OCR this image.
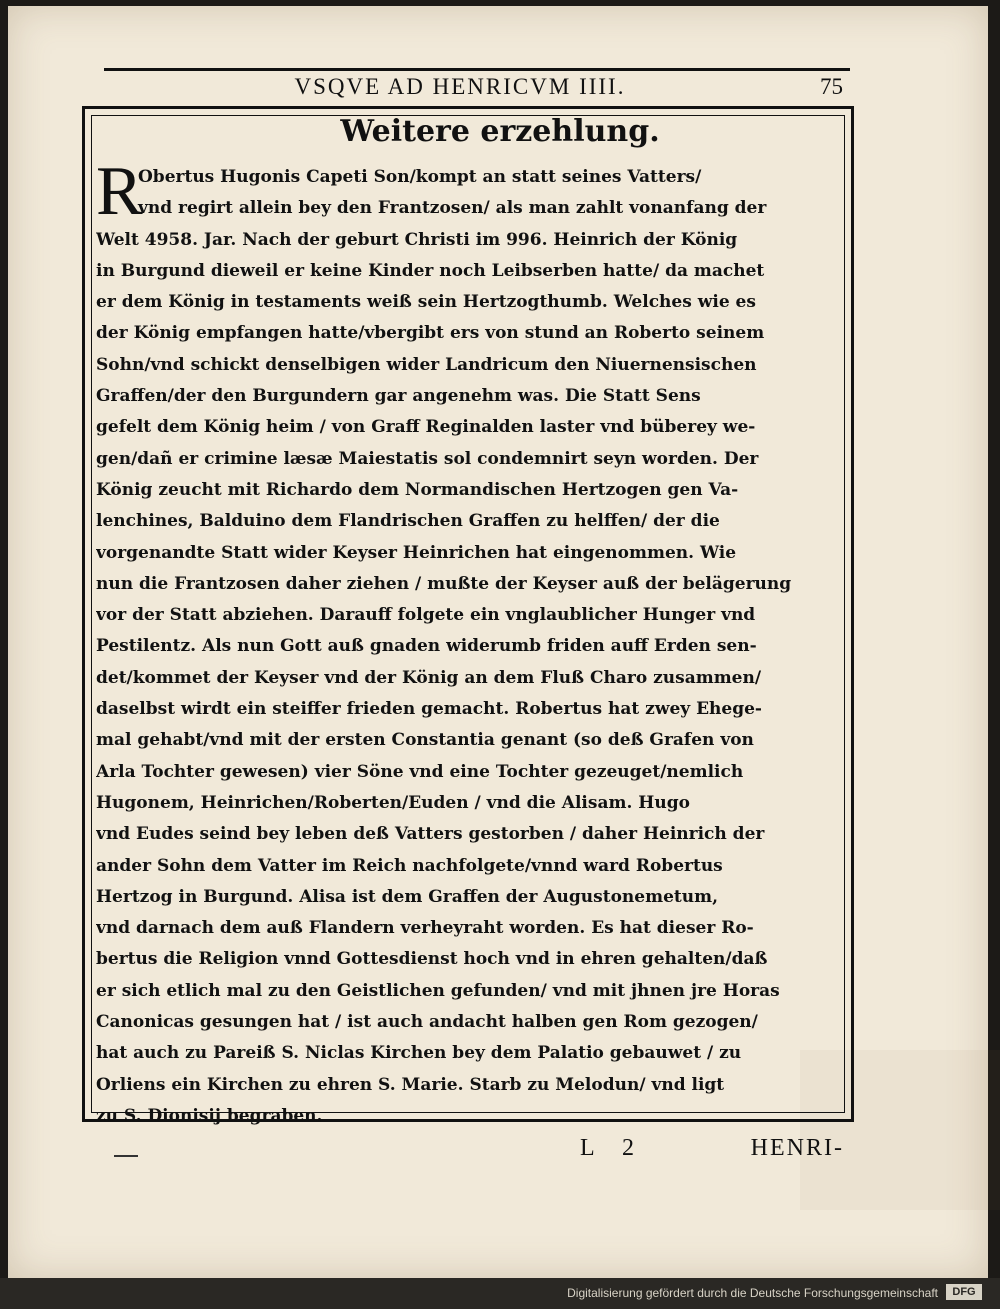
VSQVE AD HENRICVM IIII.	75
Weitere erzehlung.
R
Obertus Hugonis Capeti Son/kompt an statt seines Vatters/
vnd regirt allein bey den Frantzosen/ als man zahlt vonanfang der
Welt 4958. Jar. Nach der geburt Christi im 996. Heinrich der König
in Burgund dieweil er keine Kinder noch Leibserben hatte/ da machet
er dem König in testaments weiß sein Hertzogthumb. Welches wie es
der König empfangen hatte/vbergibt ers von stund an Roberto seinem
Sohn/vnd schickt denselbigen wider Landricum den Niuernensischen
Graffen/der den Burgundern gar angenehm was. Die Statt Sens
gefelt dem König heim / von Graff Reginalden laster vnd büberey we-
gen/dañ er crimine læsæ Maiestatis sol condemnirt seyn worden. Der
König zeucht mit Richardo dem Normandischen Hertzogen gen Va-
lenchines, Balduino dem Flandrischen Graffen zu helffen/ der die
vorgenandte Statt wider Keyser Heinrichen hat eingenommen. Wie
nun die Frantzosen daher ziehen / mußte der Keyser auß der belägerung
vor der Statt abziehen. Darauff folgete ein vnglaublicher Hunger vnd
Pestilentz. Als nun Gott auß gnaden widerumb friden auff Erden sen-
det/kommet der Keyser vnd der König an dem Fluß Charo zusammen/
daselbst wirdt ein steiffer frieden gemacht. Robertus hat zwey Ehege-
mal gehabt/vnd mit der ersten Constantia genant (so deß Grafen von
Arla Tochter gewesen) vier Söne vnd eine Tochter gezeuget/nemlich
Hugonem, Heinrichen/Roberten/Euden / vnd die Alisam. Hugo
vnd Eudes seind bey leben deß Vatters gestorben / daher Heinrich der
ander Sohn dem Vatter im Reich nachfolgete/vnnd ward Robertus
Hertzog in Burgund. Alisa ist dem Graffen der Augustonemetum,
vnd darnach dem auß Flandern verheyraht worden. Es hat dieser Ro-
bertus die Religion vnnd Gottesdienst hoch vnd in ehren gehalten/daß
er sich etlich mal zu den Geistlichen gefunden/ vnd mit jhnen jre Horas
Canonicas gesungen hat / ist auch andacht halben gen Rom gezogen/
hat auch zu Pareiß S. Niclas Kirchen bey dem Palatio gebauwet / zu
Orliens ein Kirchen zu ehren S. Marie. Starb zu Melodun/ vnd ligt
zu S. Dionisij begraben.
L 2	HENRI-
Digitalisierung gefördert durch die Deutsche Forschungsgemeinschaft	DFG
